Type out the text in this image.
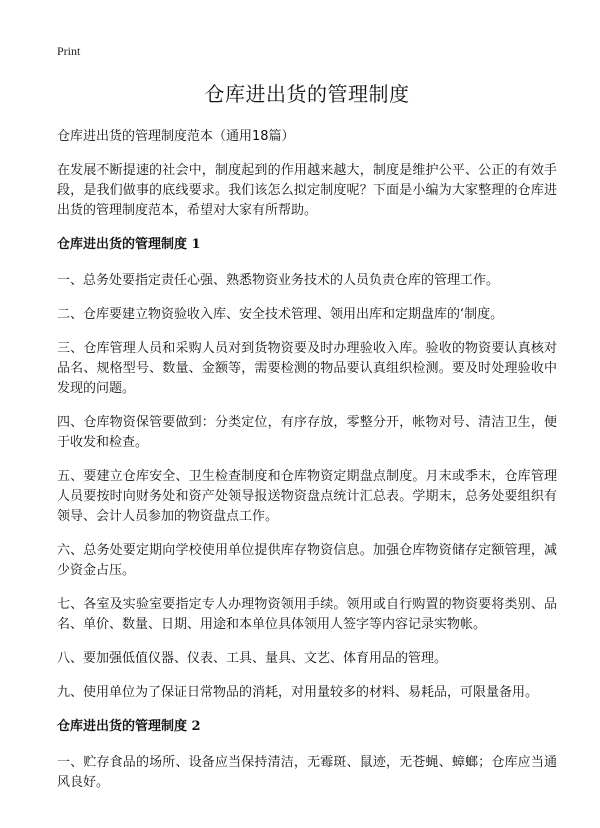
Print
仓库进出货的管理制度
仓库进出货的管理制度范本（通用18篇）
在发展不断提速的社会中，制度起到的作用越来越大，制度是维护公平、公正的有效手段，是我们做事的底线要求。我们该怎么拟定制度呢？下面是小编为大家整理的仓库进出货的管理制度范本，希望对大家有所帮助。
仓库进出货的管理制度 1
一、总务处要指定责任心强、熟悉物资业务技术的人员负责仓库的管理工作。
二、仓库要建立物资验收入库、安全技术管理、领用出库和定期盘库的‘制度。
三、仓库管理人员和采购人员对到货物资要及时办理验收入库。验收的物资要认真核对品名、规格型号、数量、金额等，需要检测的物品要认真组织检测。要及时处理验收中发现的问题。
四、仓库物资保管要做到：分类定位，有序存放，零整分开，帐物对号、清洁卫生，便于收发和检查。
五、要建立仓库安全、卫生检查制度和仓库物资定期盘点制度。月末或季末，仓库管理人员要按时向财务处和资产处领导报送物资盘点统计汇总表。学期末，总务处要组织有领导、会计人员参加的物资盘点工作。
六、总务处要定期向学校使用单位提供库存物资信息。加强仓库物资储存定额管理，减少资金占压。
七、各室及实验室要指定专人办理物资领用手续。领用或自行购置的物资要将类别、品名、单价、数量、日期、用途和本单位具体领用人签字等内容记录实物帐。
八、要加强低值仪器、仪表、工具、量具、文艺、体育用品的管理。
九、使用单位为了保证日常物品的消耗，对用量较多的材料、易耗品，可限量备用。
仓库进出货的管理制度 2
一、贮存食品的场所、设备应当保持清洁，无霉斑、鼠迹，无苍蝇、蟑螂；仓库应当通风良好。
